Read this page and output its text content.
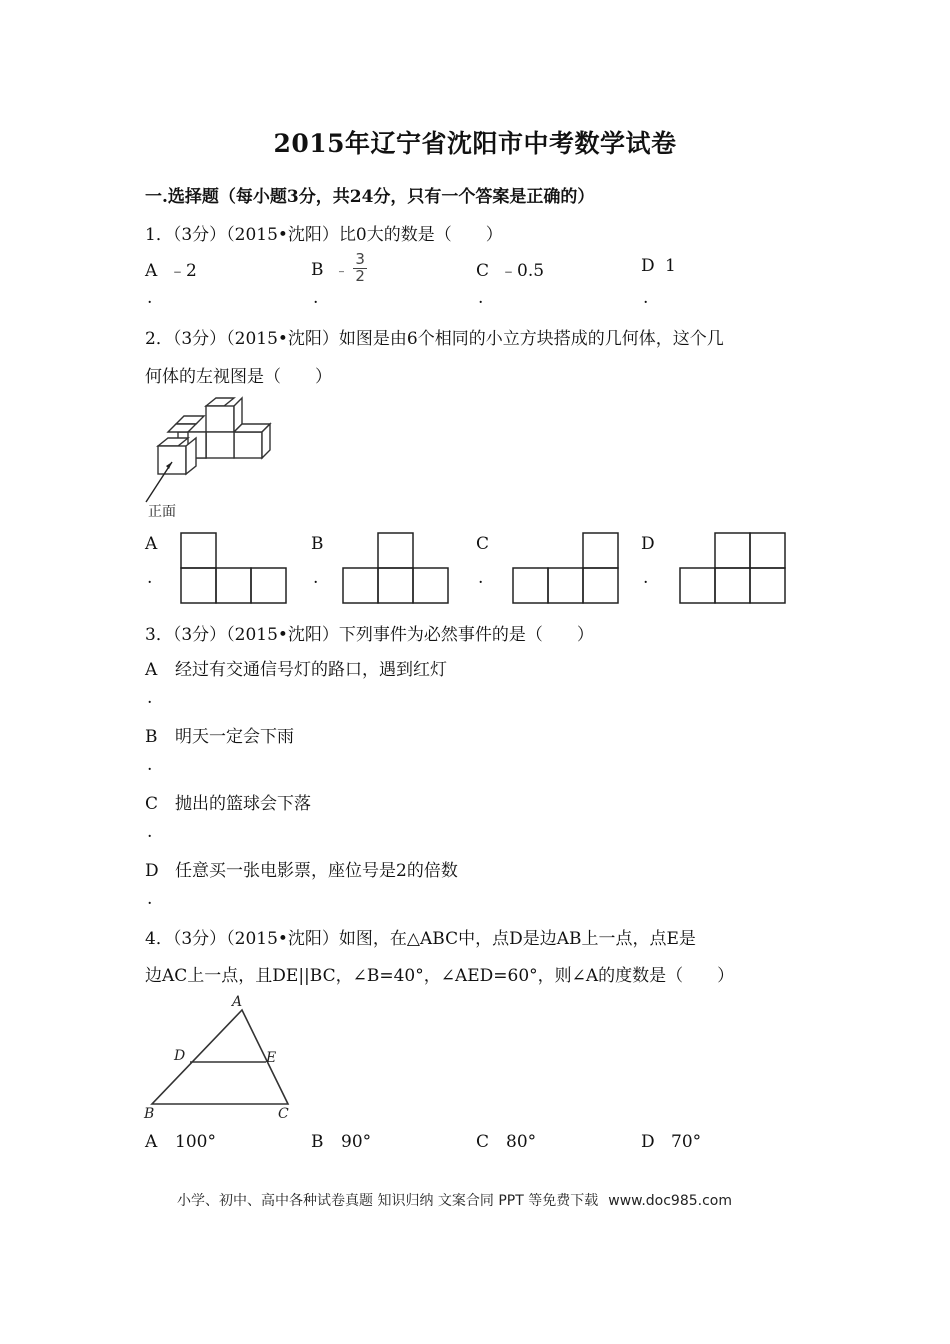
2015年辽宁省沈阳市中考数学试卷
一.选择题（每小题3分，共24分，只有一个答案是正确的）
1．（3分）（2015•沈阳）比0大的数是（　　）
A ﹣2	B ﹣ $\frac{3}{2}$	C ﹣0.5	D 1
.	.	.	.
2．（3分）（2015•沈阳）如图是由6个相同的小立方块搭成的几何体，这个几
何体的左视图是（　　）
正面
A	B	C	D
.	.	.	.
3．（3分）（2015•沈阳）下列事件为必然事件的是（　　）
A 经过有交通信号灯的路口，遇到红灯
.
B 明天一定会下雨
.
C 抛出的篮球会下落
.
D 任意买一张电影票，座位号是2的倍数
.
4．（3分）（2015•沈阳）如图，在△ABC中，点D是边AB上一点，点E是
边AC上一点，且DE||BC，∠B=40°，∠AED=60°，则∠A的度数是（　　）
A
D	E
B	C
A 100°	B 90°	C 80°	D 70°
小学、初中、高中各种试卷真题 知识归纳 文案合同 PPT 等免费下载 www.doc985.com
